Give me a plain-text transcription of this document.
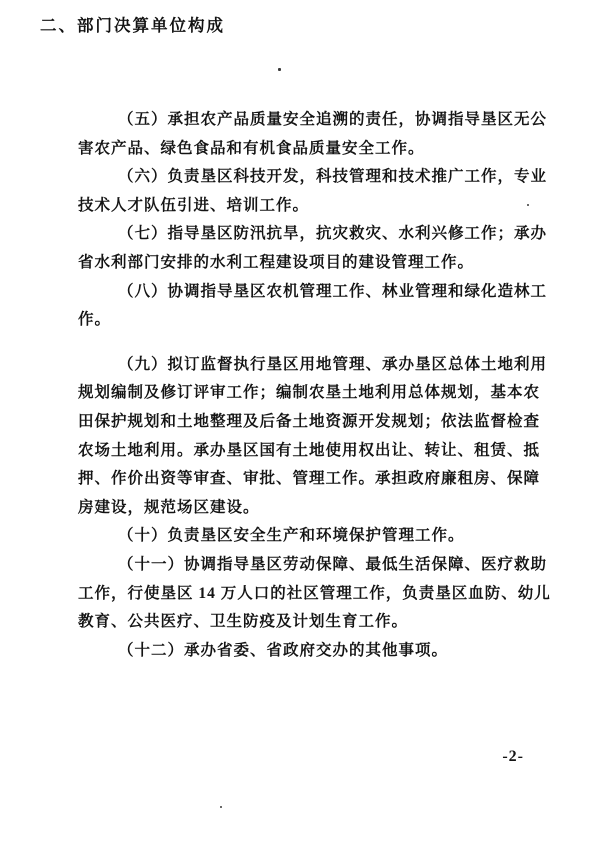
（五）承担农产品质量安全追溯的责任，协调指导垦区无公
害农产品、绿色食品和有机食品质量安全工作。
（六）负责垦区科技开发，科技管理和技术推广工作，专业
技术人才队伍引进、培训工作。
（七）指导垦区防汛抗旱，抗灾救灾、水利兴修工作；承办
省水利部门安排的水利工程建设项目的建设管理工作。
（八）协调指导垦区农机管理工作、林业管理和绿化造林工
作。
（九）拟订监督执行垦区用地管理、承办垦区总体土地利用
规划编制及修订评审工作；编制农垦土地利用总体规划，基本农
田保护规划和土地整理及后备土地资源开发规划；依法监督检查
农场土地利用。承办垦区国有土地使用权出让、转让、租赁、抵
押、作价出资等审查、审批、管理工作。承担政府廉租房、保障
房建设，规范场区建设。
（十）负责垦区安全生产和环境保护管理工作。
（十一）协调指导垦区劳动保障、最低生活保障、医疗救助
工作，行使垦区 14 万人口的社区管理工作，负责垦区血防、幼儿
教育、公共医疗、卫生防疫及计划生育工作。
（十二）承办省委、省政府交办的其他事项。
二、部门决算单位构成
-2-
